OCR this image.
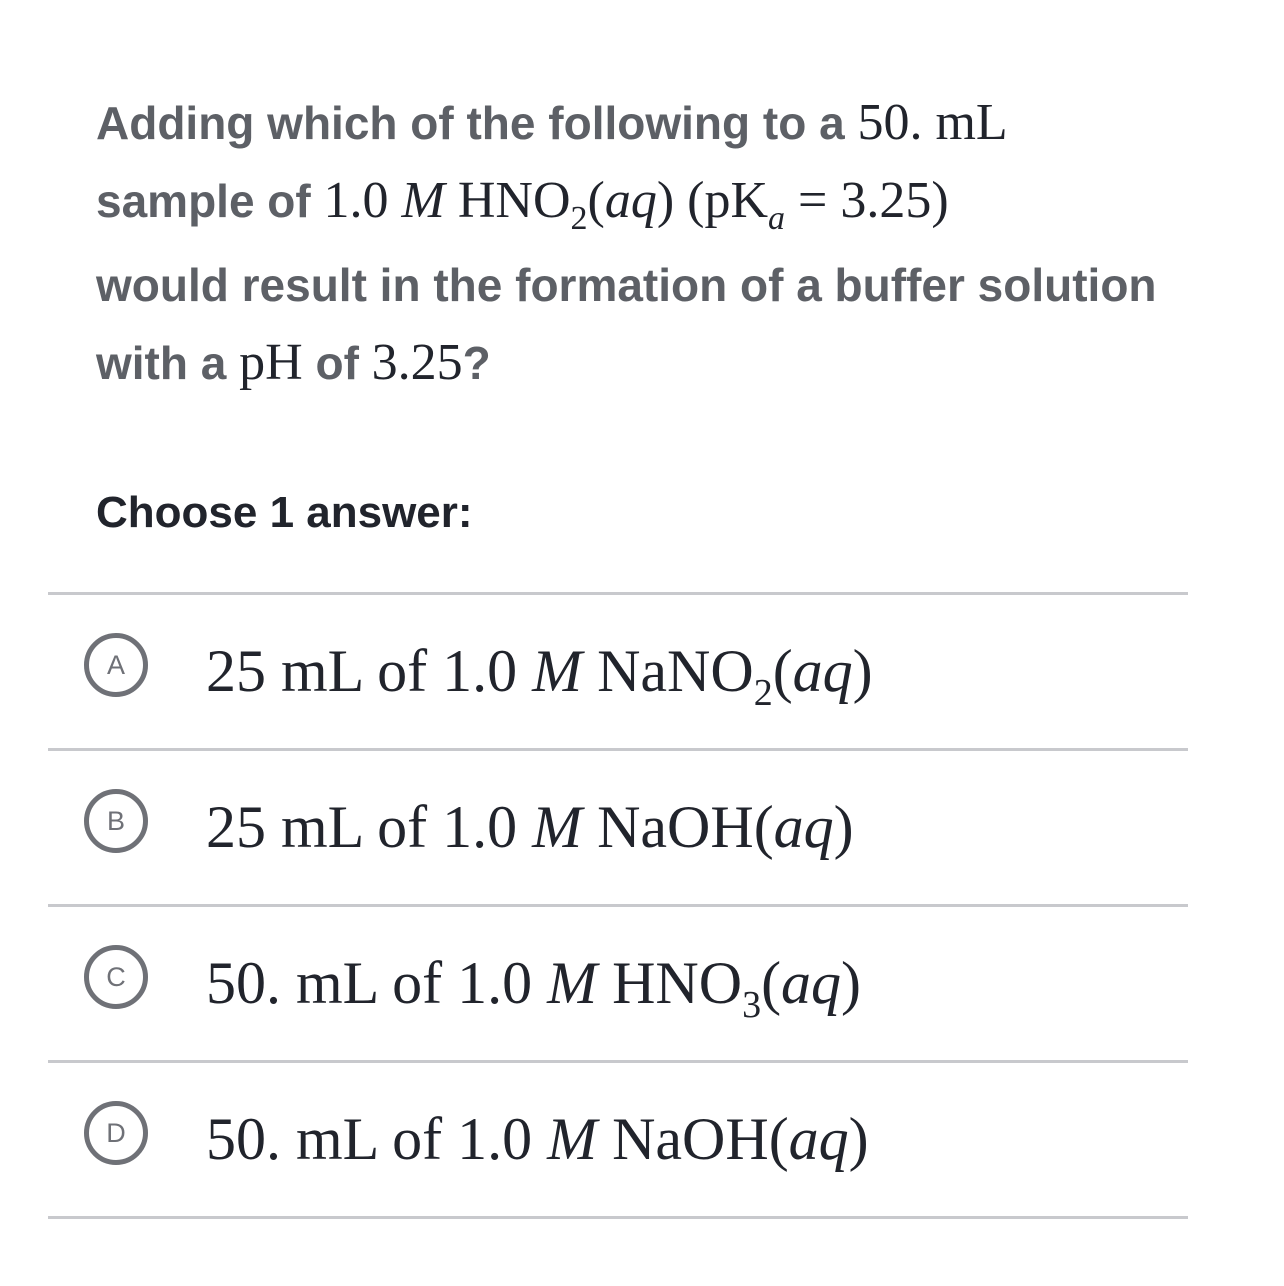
Adding which of the following to a 50. mL
sample of 1.0 M $HNO_2(aq) (pK_a = 3.25)$
would result in the formation of a buffer solution with a pH of 3.25?

Choose 1 answer:

A	25 mL of 1.0 M NaNO$_2$(aq)
B	25 mL of 1.0 M NaOH(aq)
C	50. mL of 1.0 M $HNO_3(aq)$
D	50. mL of 1.0 M NaOH(aq)
